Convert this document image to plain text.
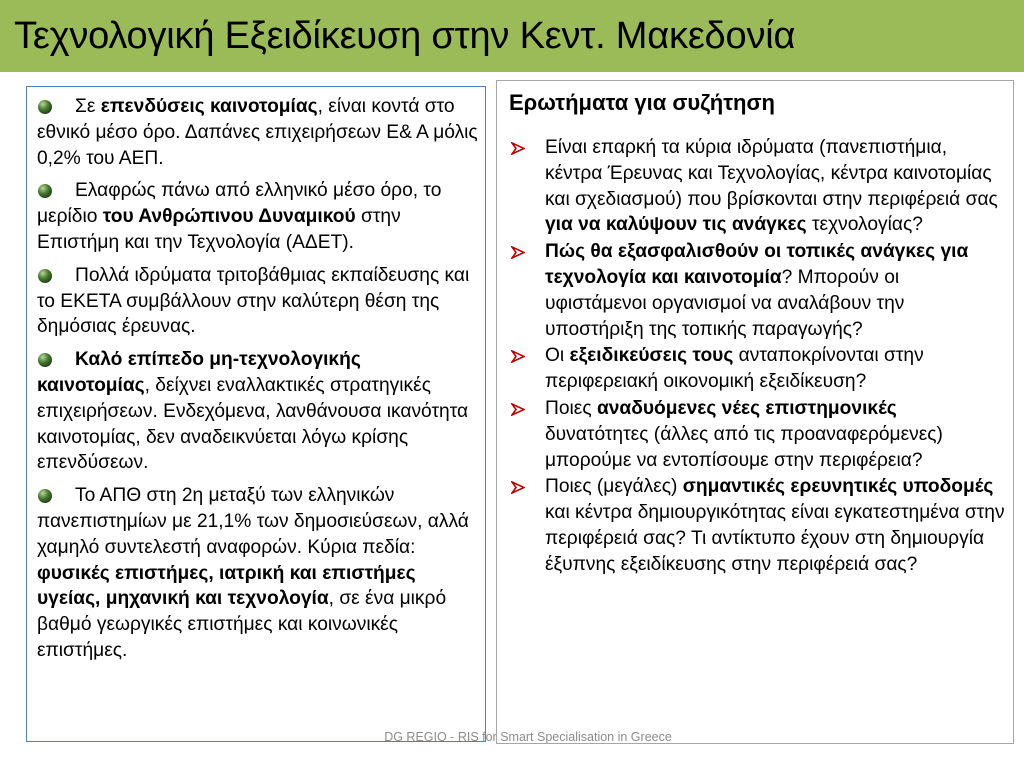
Τεχνολογική Εξειδίκευση στην Κεντ. Μακεδονία
Σε επενδύσεις καινοτομίας, είναι κοντά στο εθνικό μέσο όρο. Δαπάνες επιχειρήσεων Ε& Α μόλις 0,2% του ΑΕΠ.
Ελαφρώς πάνω από ελληνικό μέσο όρο, το μερίδιο του Ανθρώπινου Δυναμικού στην Επιστήμη και την Τεχνολογία (ΑΔΕΤ).
Πολλά ιδρύματα τριτοβάθμιας εκπαίδευσης και το ΕΚΕΤΑ συμβάλλουν στην καλύτερη θέση της δημόσιας έρευνας.
Καλό επίπεδο μη-τεχνολογικής καινοτομίας, δείχνει εναλλακτικές στρατηγικές επιχειρήσεων. Ενδεχόμενα, λανθάνουσα ικανότητα καινοτομίας, δεν αναδεικνύεται λόγω κρίσης επενδύσεων.
Το ΑΠΘ στη 2η μεταξύ των ελληνικών πανεπιστημίων με 21,1% των δημοσιεύσεων, αλλά χαμηλό συντελεστή αναφορών. Κύρια πεδία: φυσικές επιστήμες, ιατρική και επιστήμες υγείας, μηχανική και τεχνολογία, σε ένα μικρό βαθμό γεωργικές επιστήμες και κοινωνικές επιστήμες.
Ερωτήματα για συζήτηση
Είναι επαρκή τα κύρια ιδρύματα (πανεπιστήμια, κέντρα Έρευνας και Τεχνολογίας, κέντρα καινοτομίας και σχεδιασμού) που βρίσκονται στην περιφέρειά σας για να καλύψουν τις ανάγκες τεχνολογίας?
Πώς θα εξασφαλισθούν οι τοπικές ανάγκες για τεχνολογία και καινοτομία? Μπορούν οι υφιστάμενοι οργανισμοί να αναλάβουν την υποστήριξη της τοπικής παραγωγής?
Οι εξειδικεύσεις τους ανταποκρίνονται στην περιφερειακή οικονομική εξειδίκευση?
Ποιες αναδυόμενες νέες επιστημονικές δυνατότητες (άλλες από τις προαναφερόμενες) μπορούμε να εντοπίσουμε στην περιφέρεια?
Ποιες (μεγάλες) σημαντικές ερευνητικές υποδομές και κέντρα δημιουργικότητας είναι εγκατεστημένα στην περιφέρειά σας? Τι αντίκτυπο έχουν στη δημιουργία έξυπνης εξειδίκευσης στην περιφέρειά σας?
DG REGIO - RIS for Smart Specialisation in Greece
